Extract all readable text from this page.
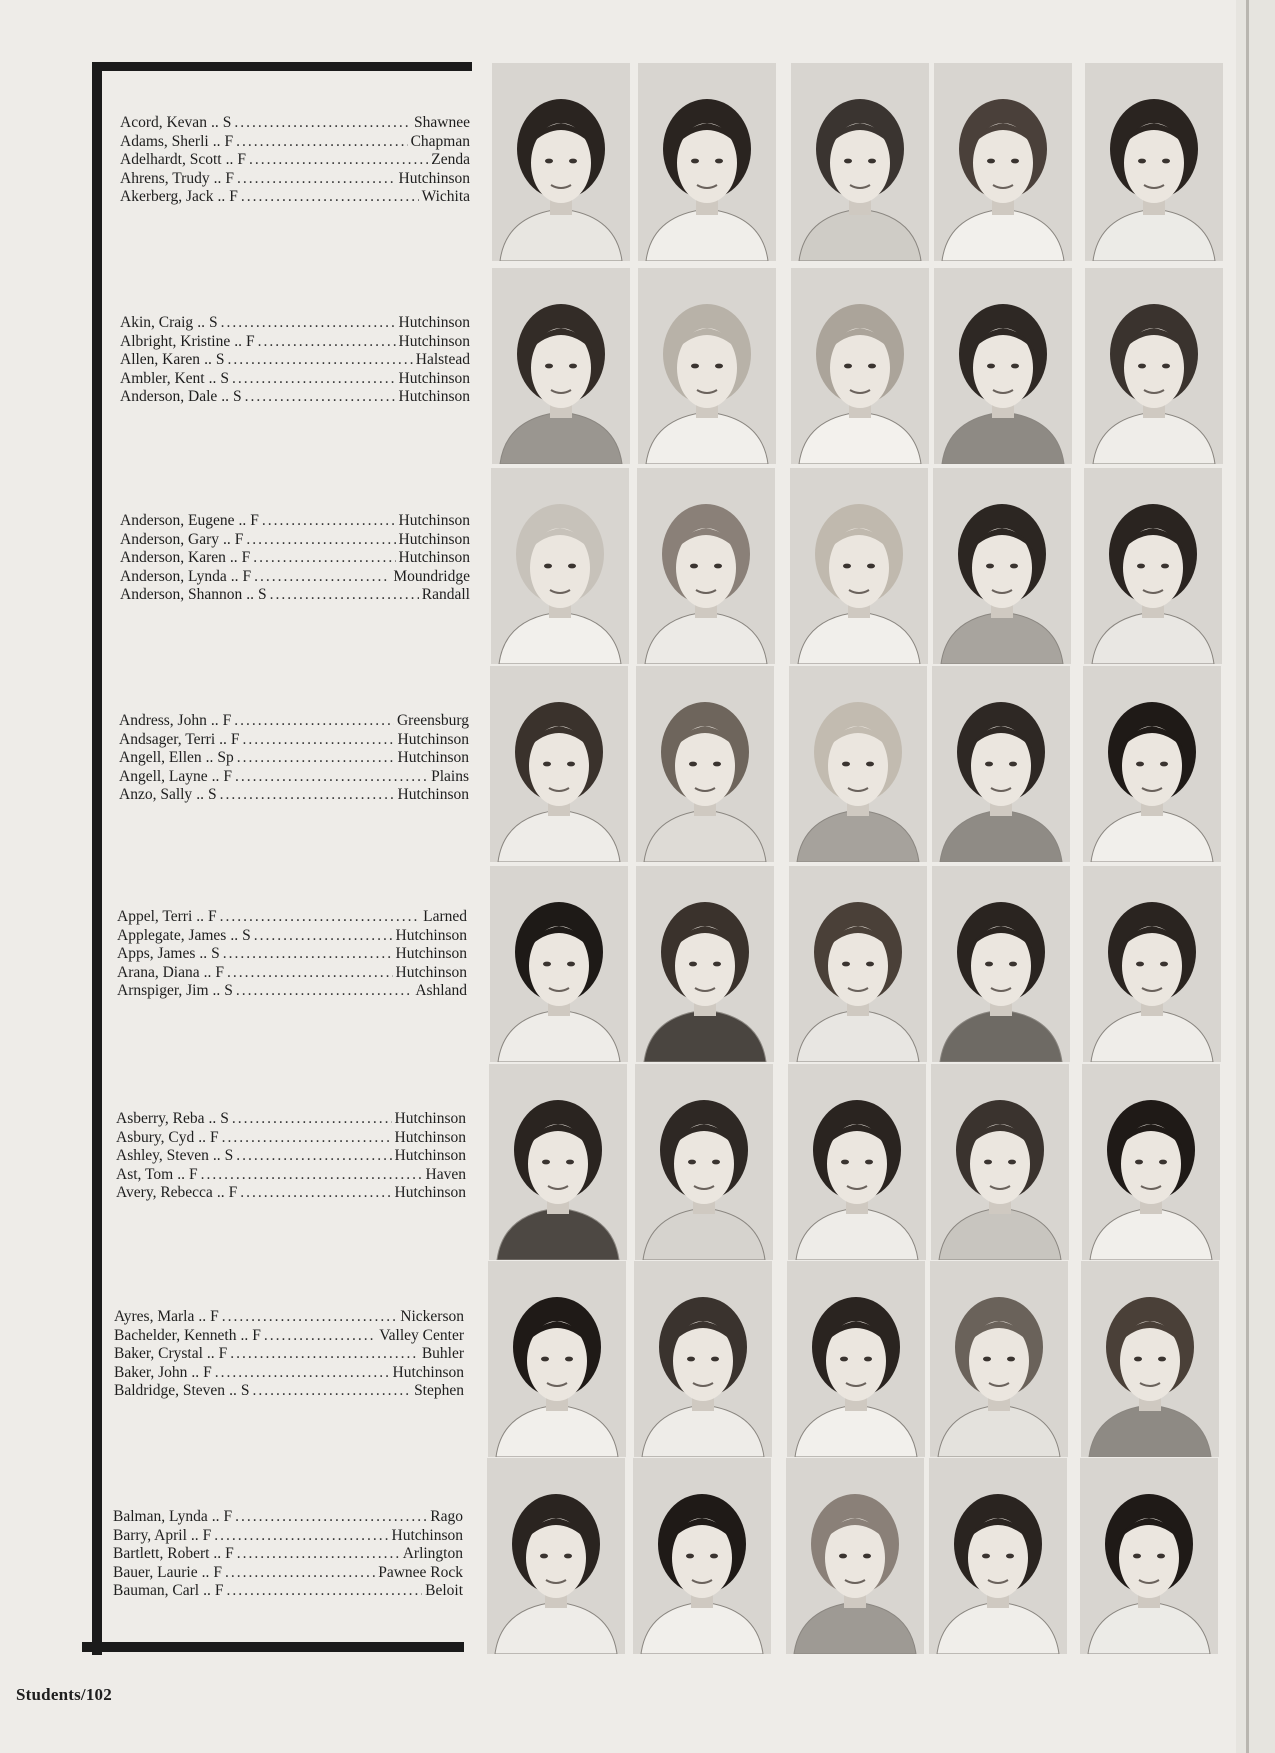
Acord, Kevan .. S .....	Shawnee
Adams, Sherli .. F .....	Chapman
Adelhardt, Scott .. F .....	Zenda
Ahrens, Trudy .. F .....	Hutchinson
Akerberg, Jack .. F .....	Wichita
Akin, Craig .. S .....	Hutchinson
Albright, Kristine .. F .....	Hutchinson
Allen, Karen .. S .....	Halstead
Ambler, Kent .. S .....	Hutchinson
Anderson, Dale .. S .....	Hutchinson
Anderson, Eugene .. F .....	Hutchinson
Anderson, Gary .. F .....	Hutchinson
Anderson, Karen .. F .....	Hutchinson
Anderson, Lynda .. F .....	Moundridge
Anderson, Shannon .. S .....	Randall
Andress, John .. F .....	Greensburg
Andsager, Terri .. F .....	Hutchinson
Angell, Ellen .. Sp .....	Hutchinson
Angell, Layne .. F .....	Plains
Anzo, Sally .. S .....	Hutchinson
Appel, Terri .. F .....	Larned
Applegate, James .. S .....	Hutchinson
Apps, James .. S .....	Hutchinson
Arana, Diana .. F .....	Hutchinson
Arnspiger, Jim .. S .....	Ashland
Asberry, Reba .. S .....	Hutchinson
Asbury, Cyd .. F .....	Hutchinson
Ashley, Steven .. S .....	Hutchinson
Ast, Tom .. F .....	Haven
Avery, Rebecca .. F .....	Hutchinson
Ayres, Marla .. F .....	Nickerson
Bachelder, Kenneth .. F .....	Valley Center
Baker, Crystal .. F .....	Buhler
Baker, John .. F .....	Hutchinson
Baldridge, Steven .. S .....	Stephen
Balman, Lynda .. F .....	Rago
Barry, April .. F .....	Hutchinson
Bartlett, Robert .. F .....	Arlington
Bauer, Laurie .. F .....	Pawnee Rock
Bauman, Carl .. F .....	Beloit
Students/102
